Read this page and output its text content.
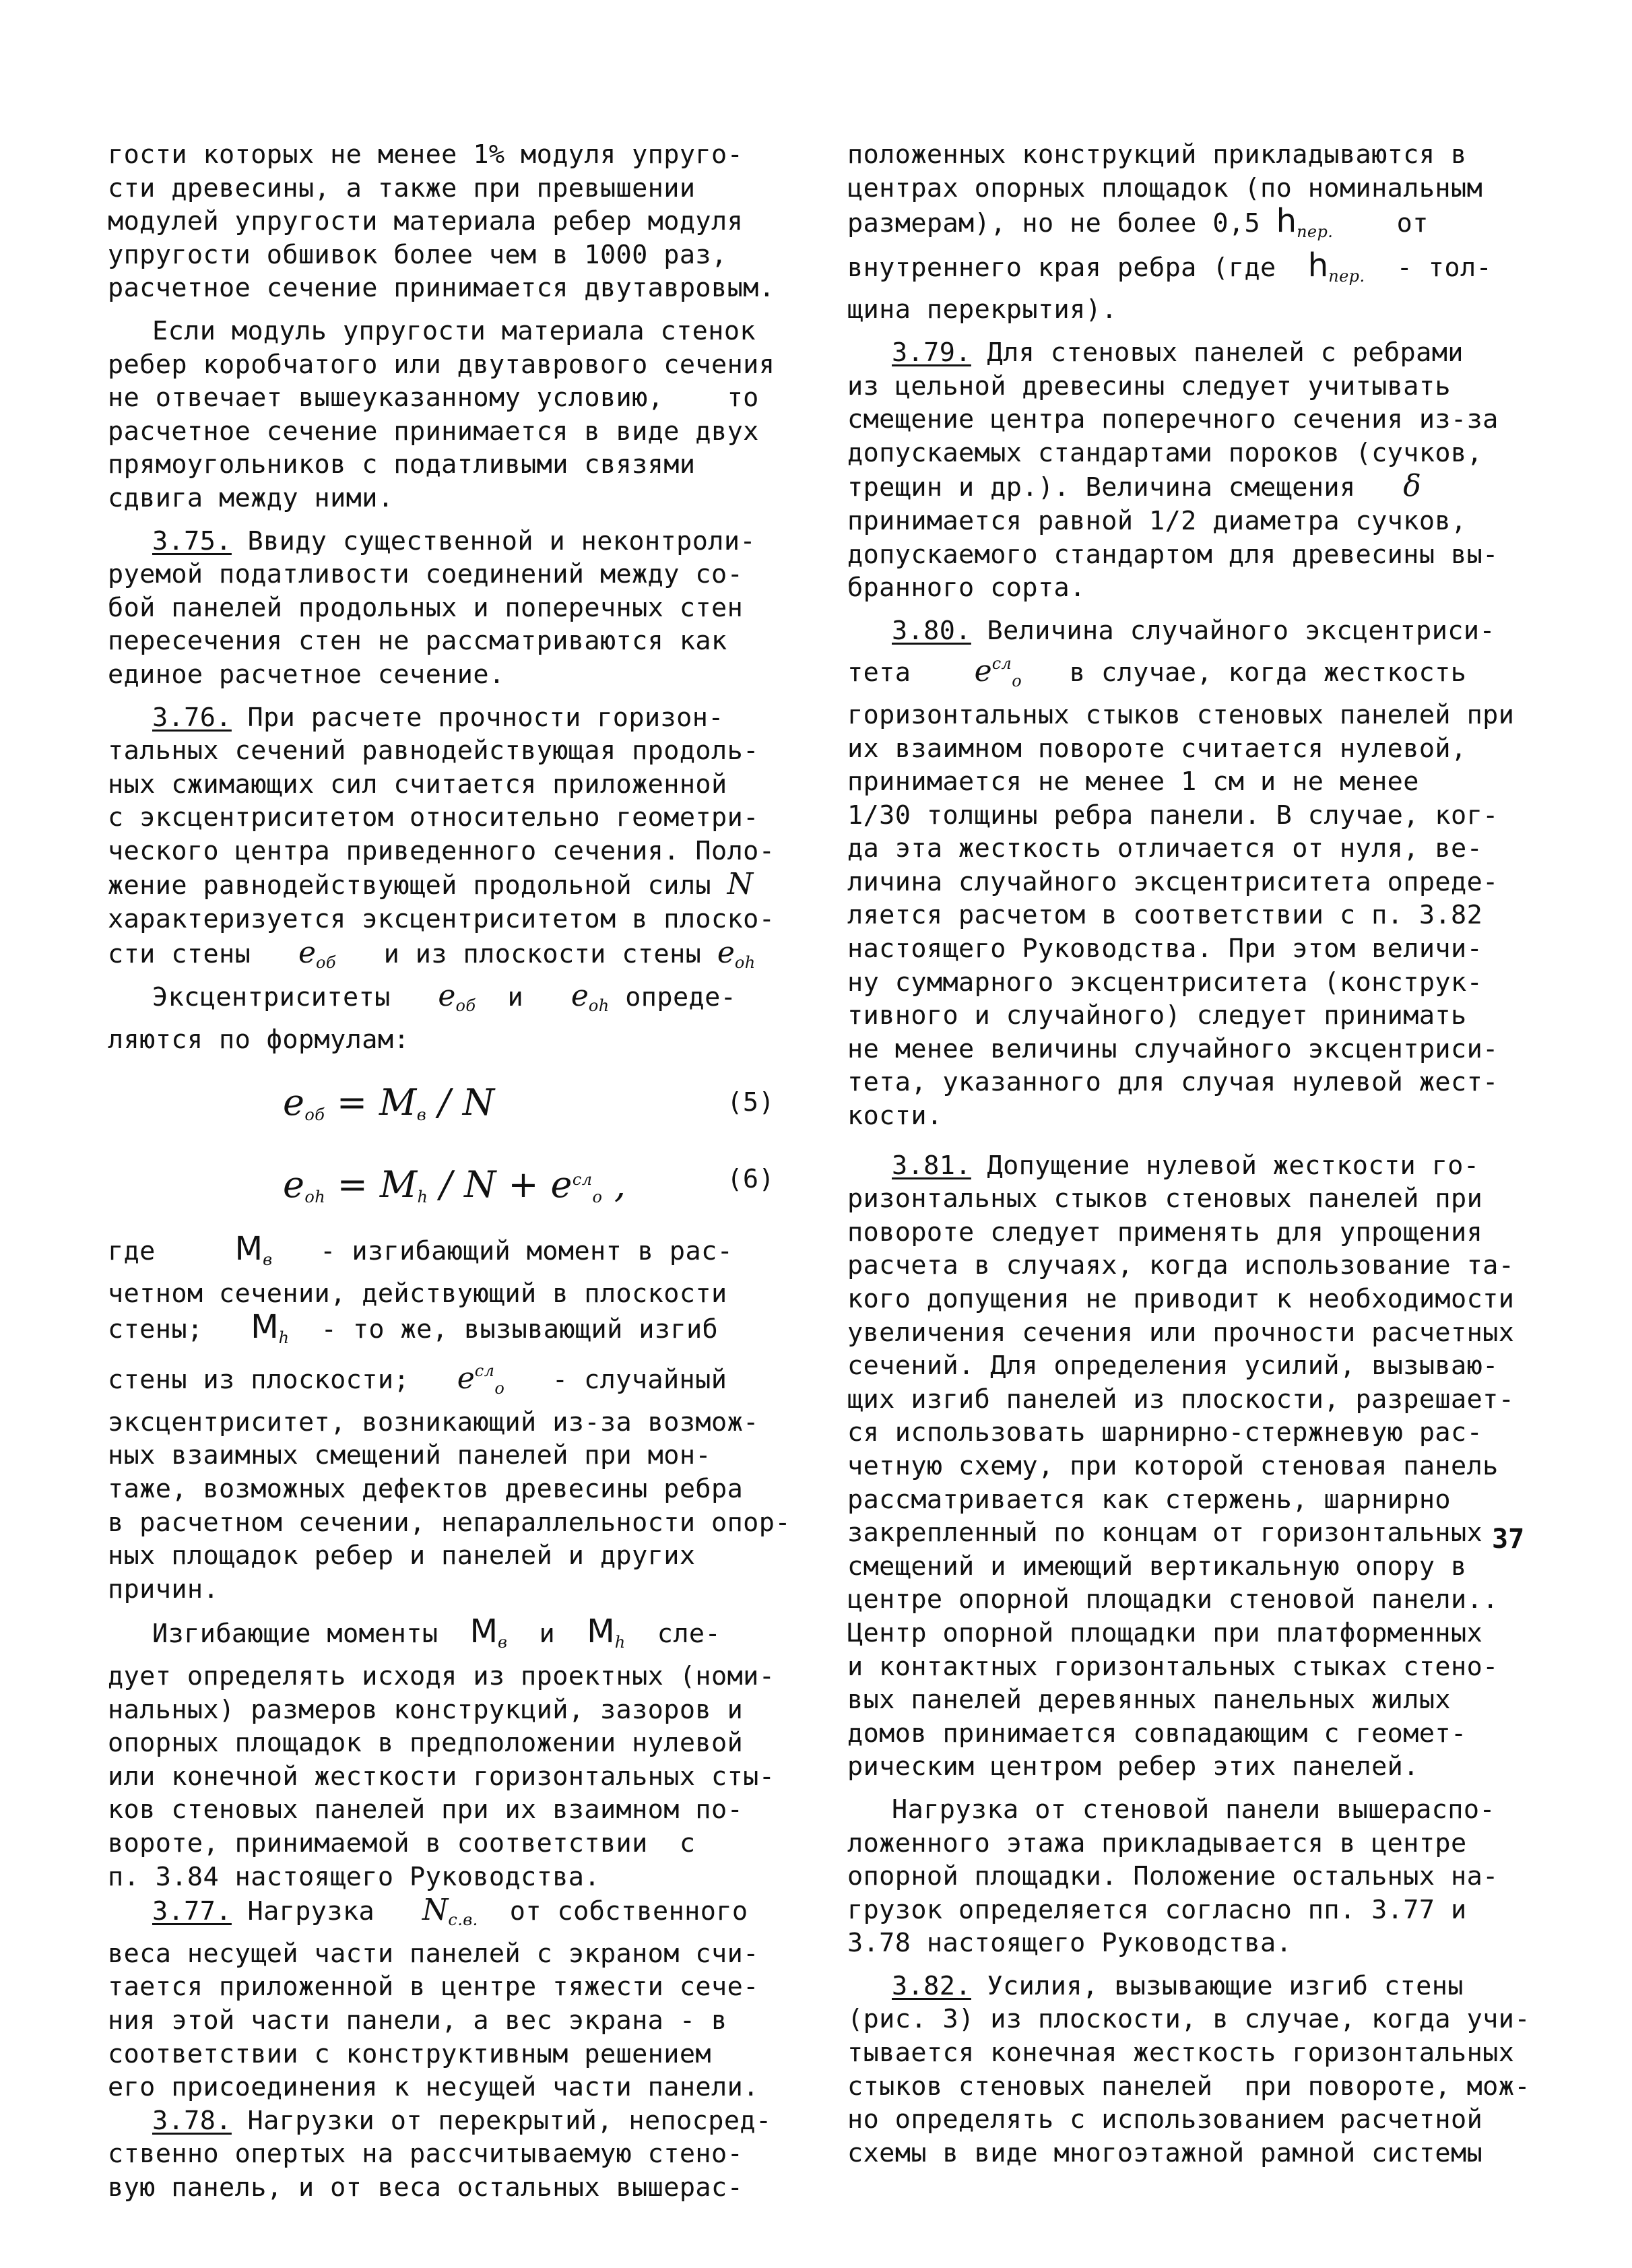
гости которых не менее 1% модуля упруго-

сти древесины, а также при превышении

модулей упругости материала ребер модуля

упругости обшивок более чем в 1000 раз,

расчетное сечение принимается двутавровым.

Если модуль упругости материала стенок

ребер коробчатого или двутаврового сечения

не отвечает вышеуказанному условию,    то

расчетное сечение принимается в виде двух

прямоугольников с податливыми связями

сдвига между ними.

3.75. Ввиду существенной и неконтроли-

руемой податливости соединений между со-

бой панелей продольных и поперечных стен

пересечения стен не рассматриваются как

единое расчетное сечение.

3.76. При расчете прочности горизон-

тальных сечений равнодействующая продоль-

ных сжимающих сил считается приложенной

с эксцентриситетом относительно геометри-

ческого центра приведенного сечения. Поло-

жение равнодействующей продольной силы N

характеризуется эксцентриситетом в плоско-

сти стены   $e_{об}$   и из плоскости стены $e_{oh}$

Эксцентриситеты   $e_{об}$  и   $e_{oh}$ опреде-

ляются по формулам:

$e_{об} = M_в / N$	(5)
$e_{oh} = M_h / N + e^{сл}_o$ ,	(6)

где     $M_в$   - изгибающий момент в рас-

четном сечении, действующий в плоскости

стены;   $M_h$  - то же, вызывающий изгиб

стены из плоскости;   $e^{сл}_o$   - случайный

эксцентриситет, возникающий из-за возмож-

ных взаимных смещений панелей при мон-

таже, возможных дефектов древесины ребра

в расчетном сечении, непараллельности опор-

ных площадок ребер и панелей и других

причин.

Изгибающие моменты  $M_в$  и  $M_h$  сле-

дует определять исходя из проектных (номи-

нальных) размеров конструкций, зазоров и

опорных площадок в предположении нулевой

или конечной жесткости горизонтальных сты-

ков стеновых панелей при их взаимном по-

вороте, принимаемой в соответствии  с

п. 3.84 настоящего Руководства.

3.77. Нагрузка   $N_{с.в.}$  от собственного

веса несущей части панелей с экраном счи-

тается приложенной в центре тяжести сече-

ния этой части панели, а вес экрана - в

соответствии с конструктивным решением

его присоединения к несущей части панели.

3.78. Нагрузки от перекрытий, непосред-

ственно опертых на рассчитываемую стено-

вую панель, и от веса остальных вышерас-

положенных конструкций прикладываются в

центрах опорных площадок (по номинальным

размерам), но не более 0,5 $h_{пер.}$    от

внутреннего края ребра (где  $h_{пер.} - тол-$

щина перекрытия).

3.79. Для стеновых панелей с ребрами

из цельной древесины следует учитывать

смещение центра поперечного сечения из-за

допускаемых стандартами пороков (сучков,

трещин и др.). Величина смещения   δ

принимается равной 1/2 диаметра сучков,

допускаемого стандартом для древесины вы-

бранного сорта.

3.80. Величина случайного эксцентриси-

тета    $e^{сл}_o$   в случае, когда жесткость

горизонтальных стыков стеновых панелей при

их взаимном повороте считается нулевой,

принимается не менее 1 см и не менее

1/30 толщины ребра панели. В случае, ког-

да эта жесткость отличается от нуля, ве-

личина случайного эксцентриситета опреде-

ляется расчетом в соответствии с п. 3.82

настоящего Руководства. При этом величи-

ну суммарного эксцентриситета (конструк-

тивного и случайного) следует принимать

не менее величины случайного эксцентриси-

тета, указанного для случая нулевой жест-

кости.

3.81. Допущение нулевой жесткости го-

ризонтальных стыков стеновых панелей при

повороте следует применять для упрощения

расчета в случаях, когда использование та-

кого допущения не приводит к необходимости

увеличения сечения или прочности расчетных

сечений. Для определения усилий, вызываю-

щих изгиб панелей из плоскости, разрешает-

ся использовать шарнирно-стержневую рас-

четную схему, при которой стеновая панель

рассматривается как стержень, шарнирно

закрепленный по концам от горизонтальных

смещений и имеющий вертикальную опору в

центре опорной площадки стеновой панели..

Центр опорной площадки при платформенных

и контактных горизонтальных стыках стено-

вых панелей деревянных панельных жилых

домов принимается совпадающим с геомет-

рическим центром ребер этих панелей.

Нагрузка от стеновой панели вышераспо-

ложенного этажа прикладывается в центре

опорной площадки. Положение остальных на-

грузок определяется согласно пп. 3.77 и

3.78 настоящего Руководства.

3.82. Усилия, вызывающие изгиб стены

(рис. 3) из плоскости, в случае, когда учи-

тывается конечная жесткость горизонтальных

стыков стеновых панелей  при повороте, мож-

но определять с использованием расчетной

схемы в виде многоэтажной рамной системы

37
